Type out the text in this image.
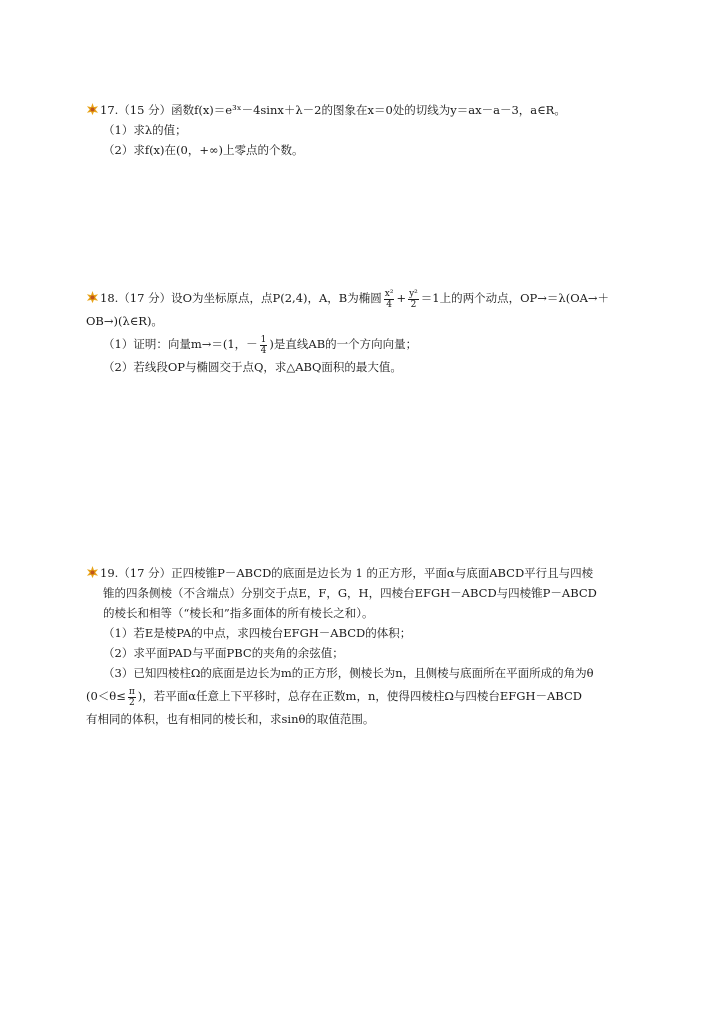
17.（15 分）函数f(x)＝e³ˣ－4sinx＋λ－2的图象在x＝0处的切线为y＝ax－a－3，a∈R。
（1）求λ的值；
（2）求f(x)在(0，+∞)上零点的个数。
18.（17 分）设O为坐标原点，点P(2,4)，A，B为椭圆 $\frac{\text{x²}}{4} + \frac{\text{y²}}{2} =1$上的两个动点，OP→＝λ(OA→＋
OB→)(λ∈R)。
（1）证明：向量m→＝(1，－ $\frac{1}{4}$ )是直线AB的一个方向向量；
（2）若线段OP与椭圆交于点Q，求△ABQ面积的最大值。
19.（17 分）正四棱锥P－ABCD的底面是边长为 1 的正方形，平面α与底面ABCD平行且与四棱
锥的四条侧棱（不含端点）分别交于点E，F，G，H，四棱台EFGH－ABCD与四棱锥P－ABCD
的棱长和相等（“棱长和”指多面体的所有棱长之和）。
（1）若E是棱PA的中点，求四棱台EFGH－ABCD的体积；
（2）求平面PAD与平面PBC的夹角的余弦值；
（3）已知四棱柱Ω的底面是边长为m的正方形，侧棱长为n，且侧棱与底面所在平面所成的角为θ
($0<\theta\le \frac{\pi}{2}$ )，若平面α任意上下平移时，总存在正数m，n，使得四棱柱Ω与四棱台EFGH－ABCD
有相同的体积，也有相同的棱长和，求sinθ的取值范围。
